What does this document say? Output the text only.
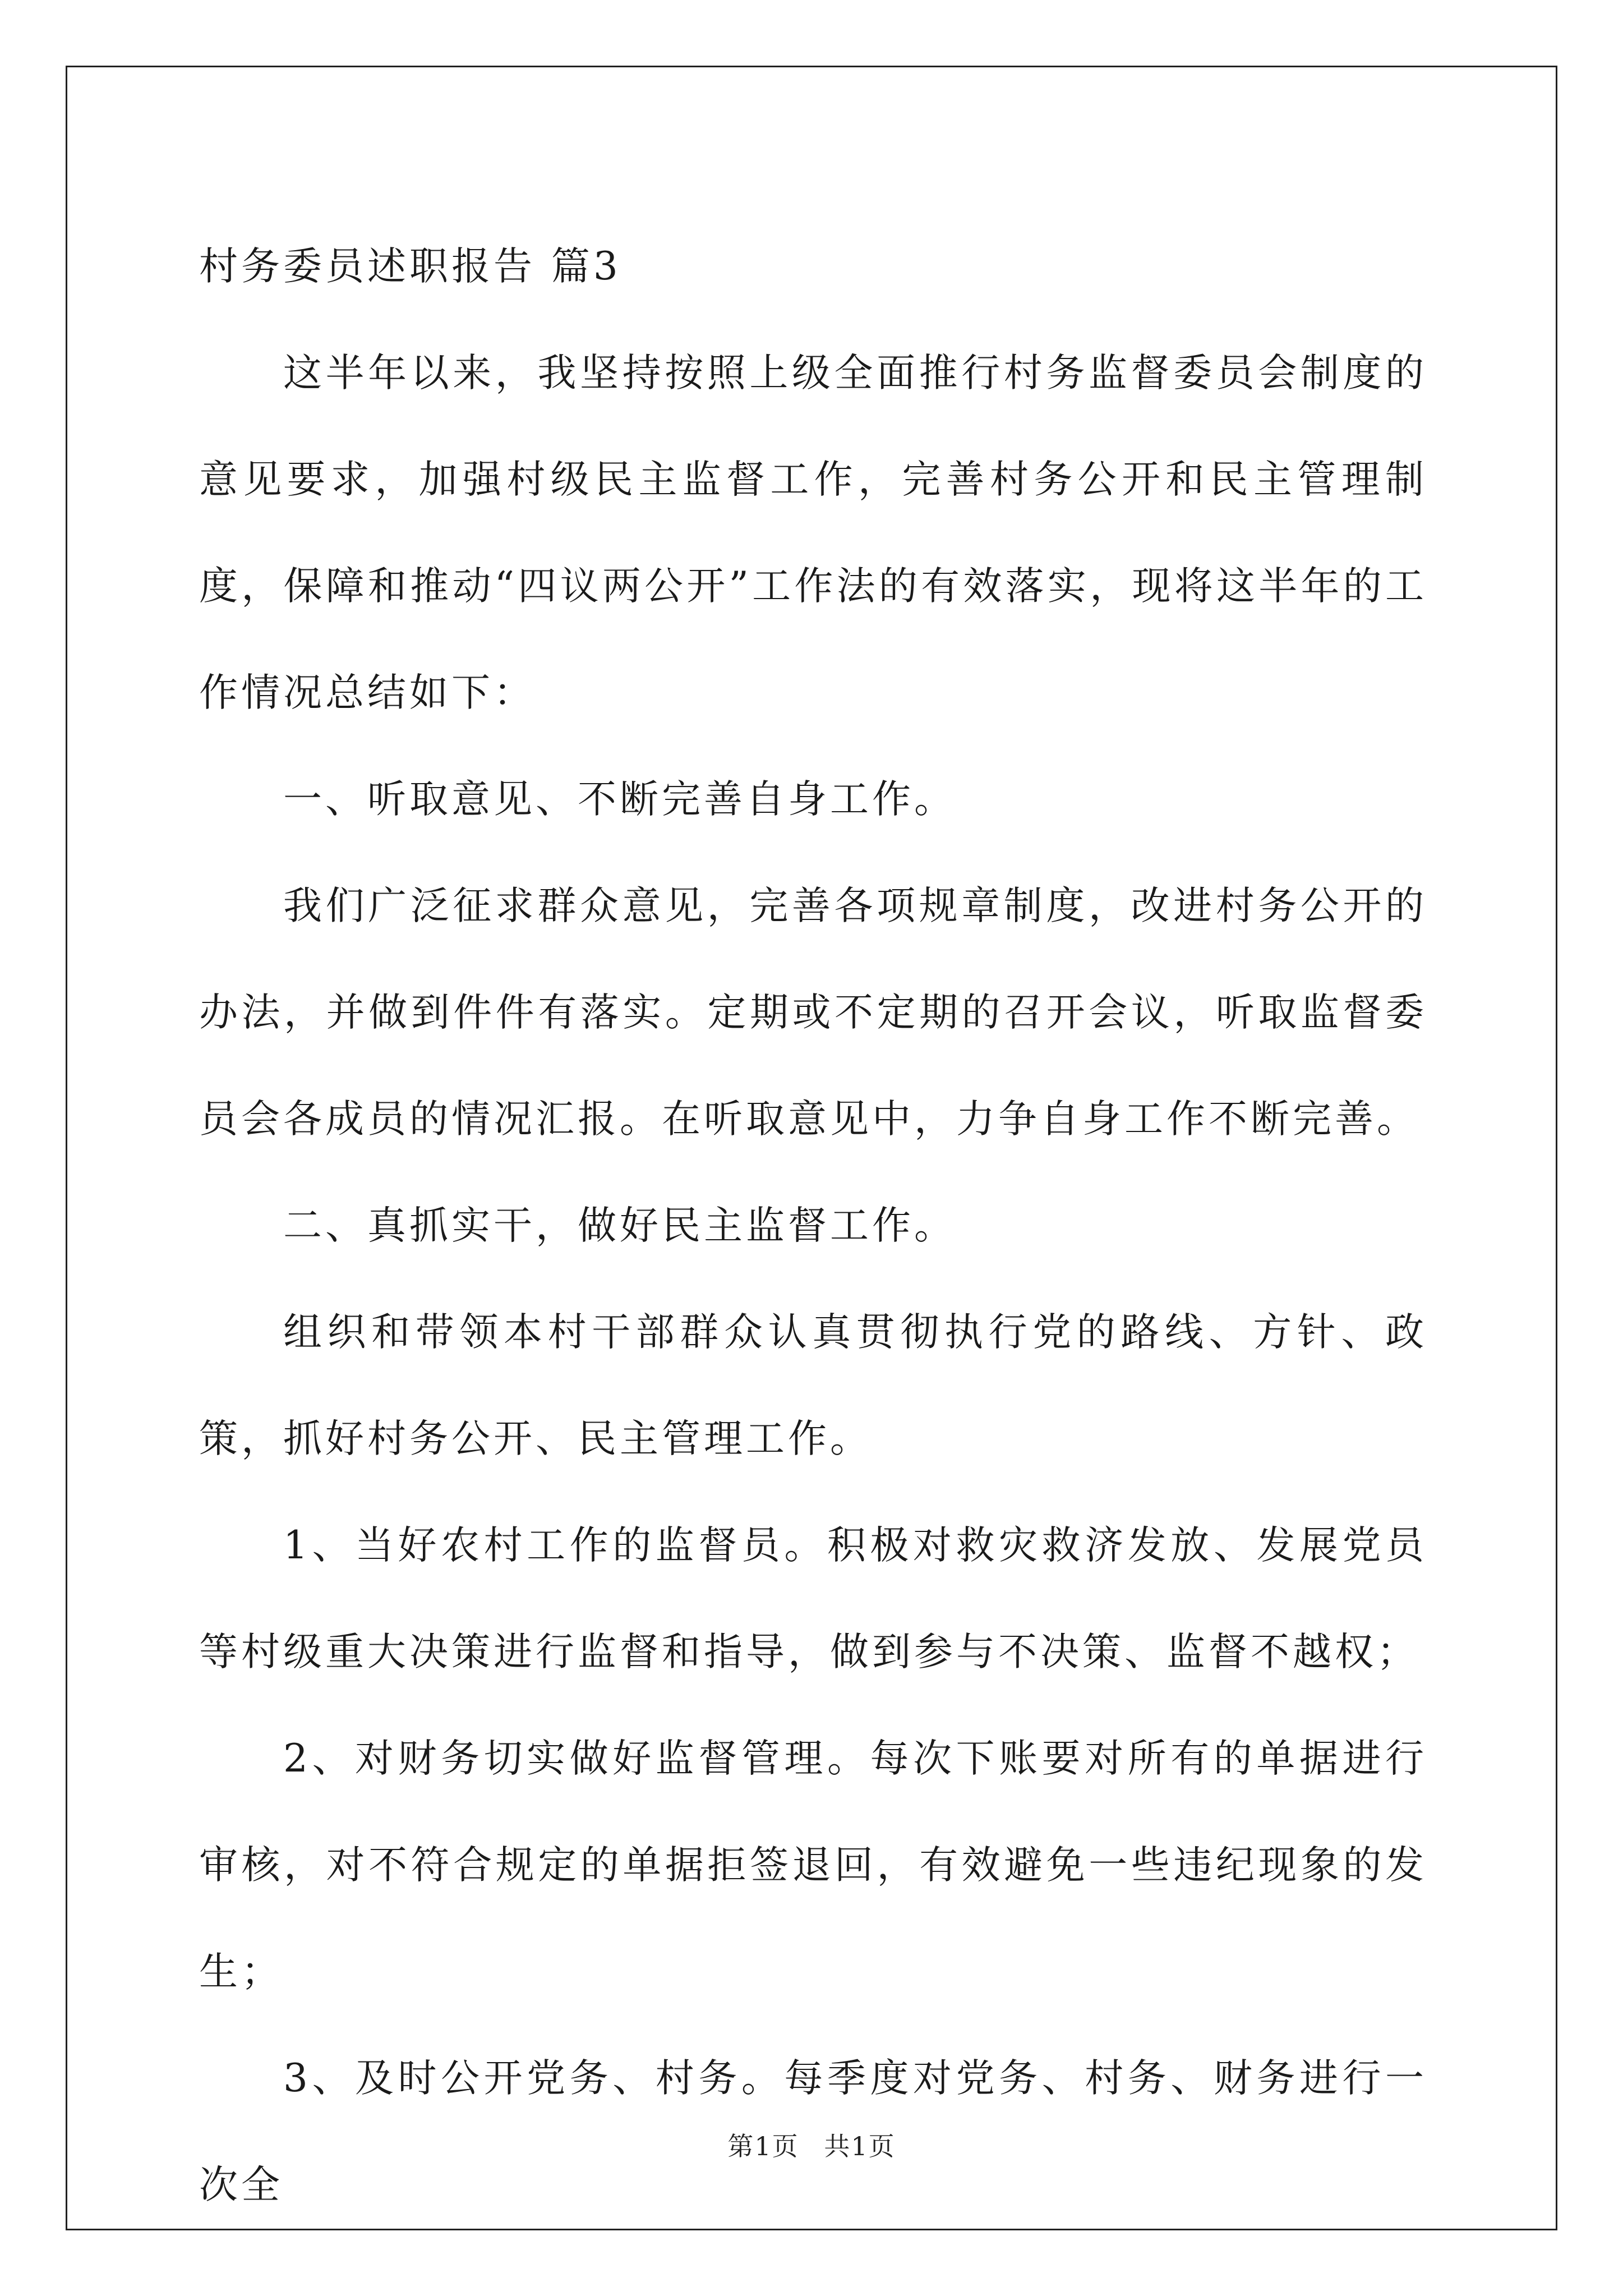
村务委员述职报告 篇3

这半年以来，我坚持按照上级全面推行村务监督委员会制度的意见要求，加强村级民主监督工作，完善村务公开和民主管理制度，保障和推动“四议两公开”工作法的有效落实，现将这半年的工作情况总结如下：

一、听取意见、不断完善自身工作。

我们广泛征求群众意见，完善各项规章制度，改进村务公开的办法，并做到件件有落实。定期或不定期的召开会议，听取监督委员会各成员的情况汇报。在听取意见中，力争自身工作不断完善。

二、真抓实干，做好民主监督工作。

组织和带领本村干部群众认真贯彻执行党的路线、方针、政策，抓好村务公开、民主管理工作。

1、当好农村工作的监督员。积极对救灾救济发放、发展党员等村级重大决策进行监督和指导，做到参与不决策、监督不越权；

2、对财务切实做好监督管理。每次下账要对所有的单据进行审核，对不符合规定的单据拒签退回，有效避免一些违纪现象的发生；

3、及时公开党务、村务。每季度对党务、村务、财务进行一次全

第1页 共1页
